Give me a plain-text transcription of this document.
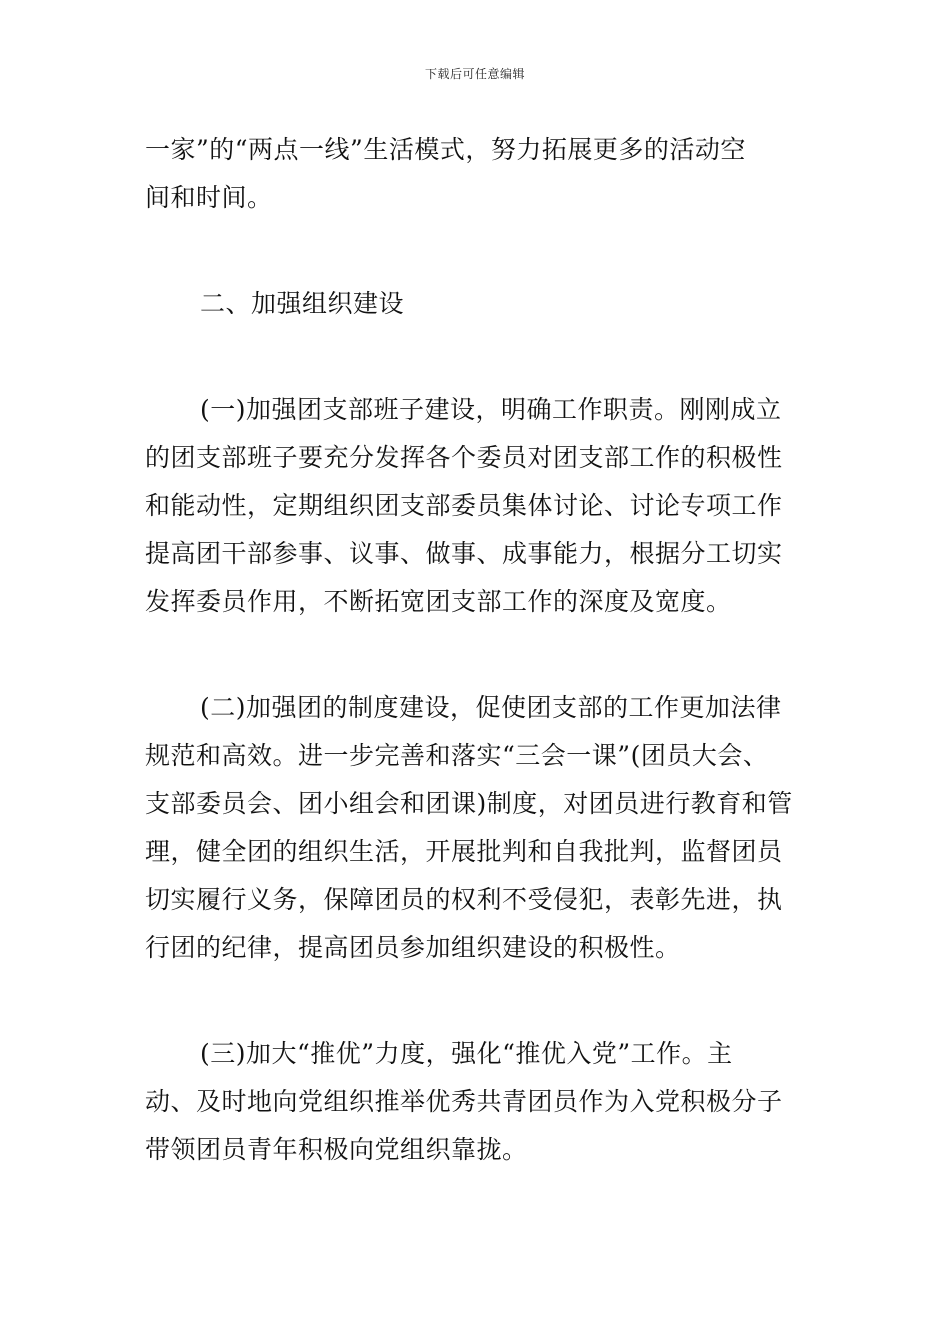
下载后可任意编辑

一家”的“两点一线”生活模式，努力拓展更多的活动空
间和时间。

二、加强组织建设

(一)加强团支部班子建设，明确工作职责。刚刚成立
的团支部班子要充分发挥各个委员对团支部工作的积极性
和能动性，定期组织团支部委员集体讨论、讨论专项工作
提高团干部参事、议事、做事、成事能力，根据分工切实
发挥委员作用，不断拓宽团支部工作的深度及宽度。

(二)加强团的制度建设，促使团支部的工作更加法律
规范和高效。进一步完善和落实“三会一课”(团员大会、
支部委员会、团小组会和团课)制度，对团员进行教育和管
理，健全团的组织生活，开展批判和自我批判，监督团员
切实履行义务，保障团员的权利不受侵犯，表彰先进，执
行团的纪律，提高团员参加组织建设的积极性。

(三)加大“推优”力度，强化“推优入党”工作。主
动、及时地向党组织推举优秀共青团员作为入党积极分子
带领团员青年积极向党组织靠拢。
